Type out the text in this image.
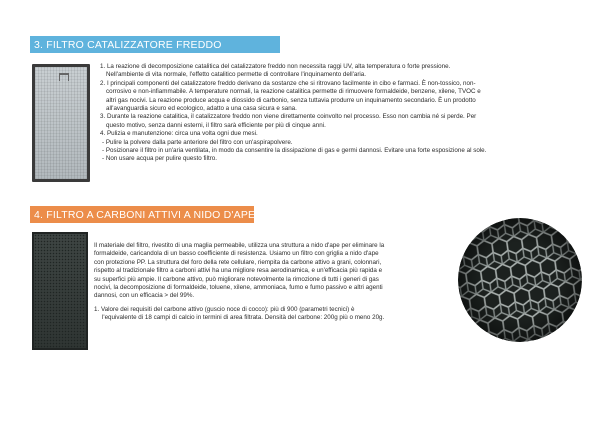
3. FILTRO CATALIZZATORE FREDDO

1. La reazione di decomposizione catalitica del catalizzatore freddo non necessita raggi UV, alta temperatura o forte pressione.

Nell'ambiente di vita normale, l'effetto catalitico permette di controllare l'inquinamento dell'aria.

2. I principali componenti del catalizzatore freddo derivano da sostanze che si ritrovano facilmente in cibo e farmaci. È non-tossico, non-

corrosivo e non-infiammabile. A temperature normali, la reazione catalitica permette di rimuovere formaldeide, benzene, xilene, TVOC e

altri gas nocivi. La reazione produce acqua e diossido di carbonio, senza tuttavia produrre un inquinamento secondario. È un prodotto

all'avanguardia sicuro ed ecologico, adatto a una casa sicura e sana.

3. Durante la reazione catalitica, il catalizzatore freddo non viene direttamente coinvolto nel processo. Esso non cambia né si perde. Per

questo motivo, senza danni esterni, il filtro sarà efficiente per più di cinque anni.

4. Pulizia e manutenzione: circa una volta ogni due mesi.

- Pulire la polvere dalla parte anteriore del filtro con un'aspirapolvere.

- Posizionare il filtro in un'aria ventilata, in modo da consentire la dissipazione di gas e germi dannosi. Evitare una forte esposizione al sole.

- Non usare acqua per pulire questo filtro.

4. FILTRO A CARBONI ATTIVI A NIDO D'APE

Il materiale del filtro, rivestito di una maglia permeabile, utilizza una struttura a nido d'ape per eliminare la

formaldeide, caricandola di un basso coefficiente di resistenza. Usiamo un filtro con griglia a nido d'ape

con protezione PP. La struttura del foro della rete cellulare, riempita da carbone attivo a grani, colonnari,

rispetto al tradizionale filtro a carboni attivi ha una migliore resa aerodinamica, e un'efficacia più rapida e

su superfici più ampie. Il carbone attivo, può migliorare notevolmente la rimozione di tutti i generi di gas

nocivi, la decomposizione di formaldeide, toluene, xilene, ammoniaca, fumo e fumo passivo e altri agenti

dannosi, con un efficacia > del 99%.

1. Valore dei requisiti del carbone attivo (guscio noce di cocco): più di 900 (parametri tecnici) è

l'equivalente di 18 campi di calcio in termini di area filtrata. Densità del carbone: 200g più o meno 20g.
